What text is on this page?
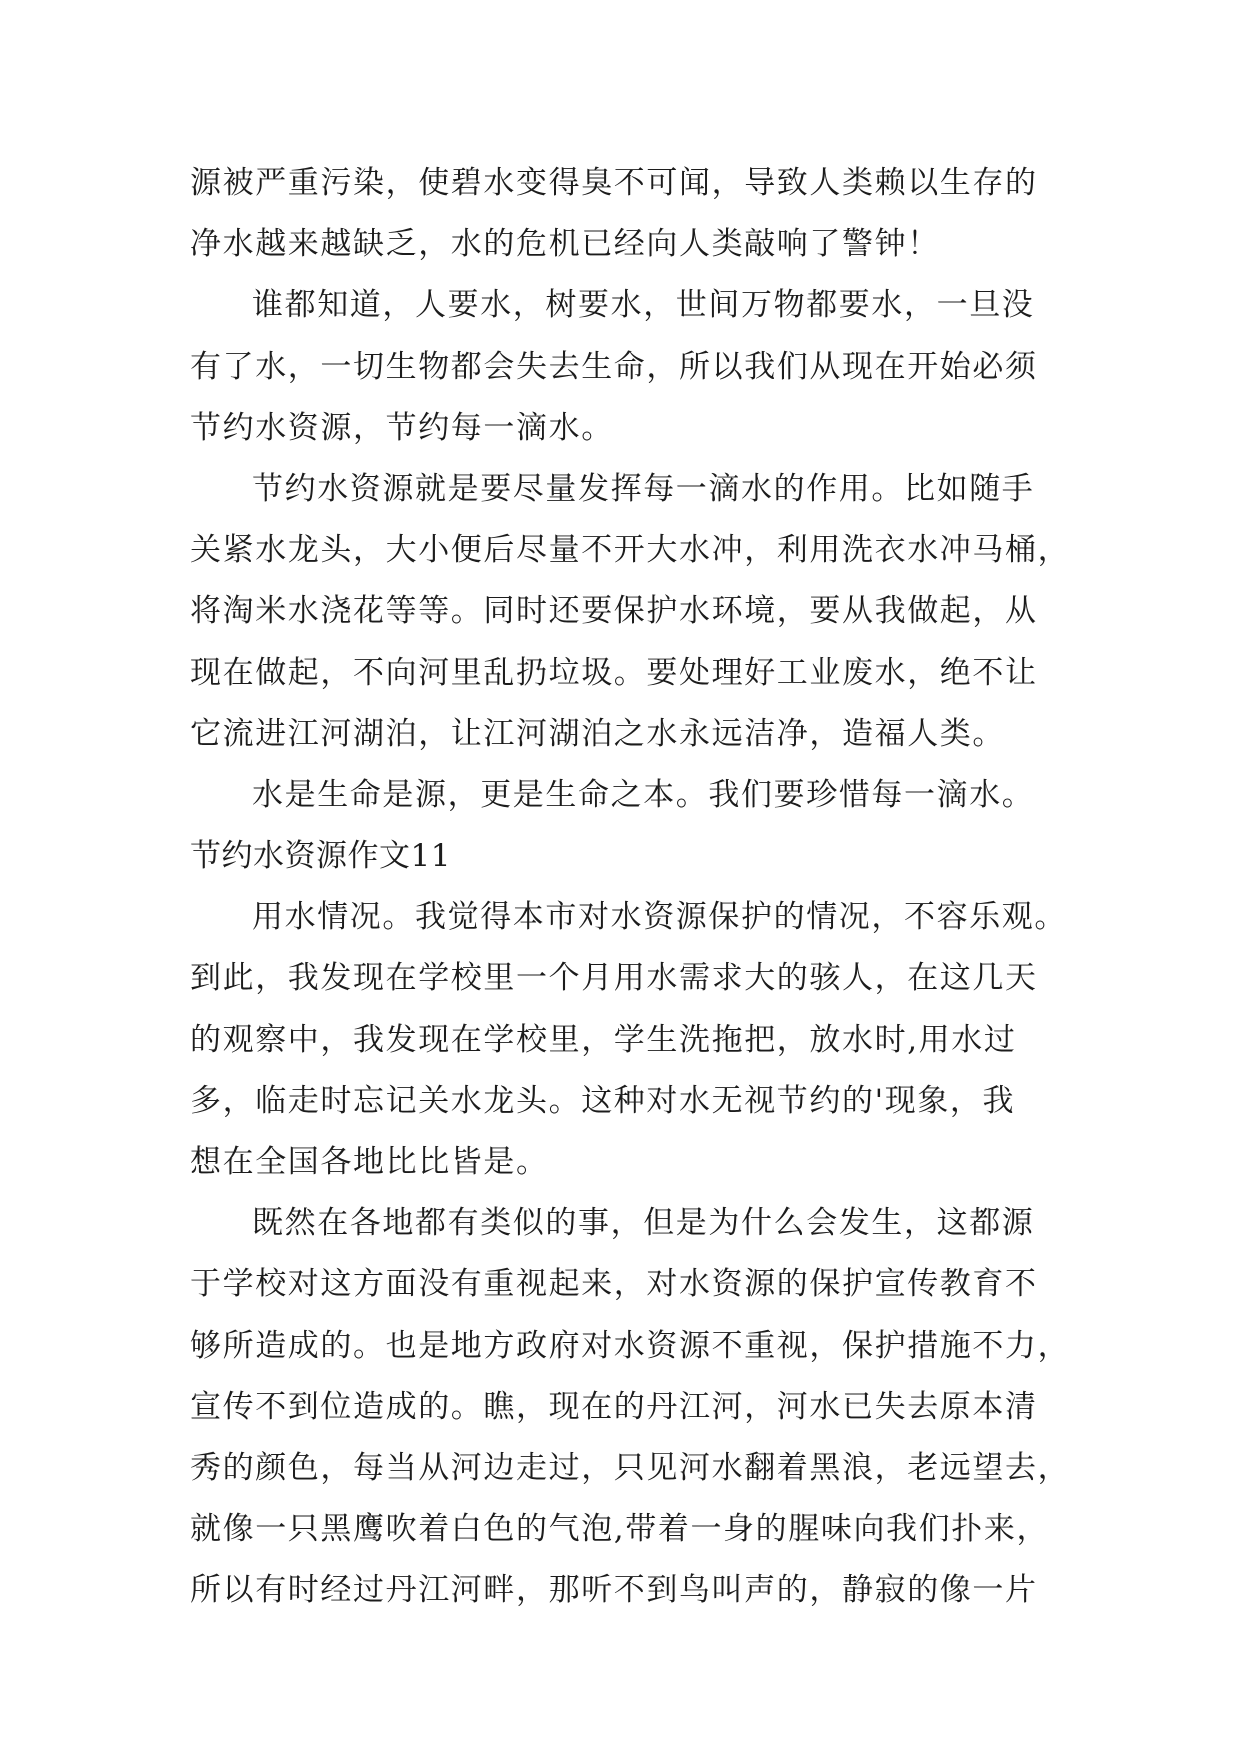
源被严重污染，使碧水变得臭不可闻，导致人类赖以生存的
净水越来越缺乏，水的危机已经向人类敲响了警钟！
谁都知道，人要水，树要水，世间万物都要水，一旦没
有了水，一切生物都会失去生命，所以我们从现在开始必须
节约水资源，节约每一滴水。
节约水资源就是要尽量发挥每一滴水的作用。比如随手
关紧水龙头，大小便后尽量不开大水冲，利用洗衣水冲马桶，
将淘米水浇花等等。同时还要保护水环境，要从我做起，从
现在做起，不向河里乱扔垃圾。要处理好工业废水，绝不让
它流进江河湖泊，让江河湖泊之水永远洁净，造福人类。
水是生命是源，更是生命之本。我们要珍惜每一滴水。
节约水资源作文11
用水情况。我觉得本市对水资源保护的情况，不容乐观。
到此，我发现在学校里一个月用水需求大的骇人，在这几天
的观察中，我发现在学校里，学生洗拖把，放水时,用水过
多，临走时忘记关水龙头。这种对水无视节约的'现象，我
想在全国各地比比皆是。
既然在各地都有类似的事，但是为什么会发生，这都源
于学校对这方面没有重视起来，对水资源的保护宣传教育不
够所造成的。也是地方政府对水资源不重视，保护措施不力，
宣传不到位造成的。瞧，现在的丹江河，河水已失去原本清
秀的颜色，每当从河边走过，只见河水翻着黑浪，老远望去，
就像一只黑鹰吹着白色的气泡,带着一身的腥味向我们扑来，
所以有时经过丹江河畔，那听不到鸟叫声的，静寂的像一片
